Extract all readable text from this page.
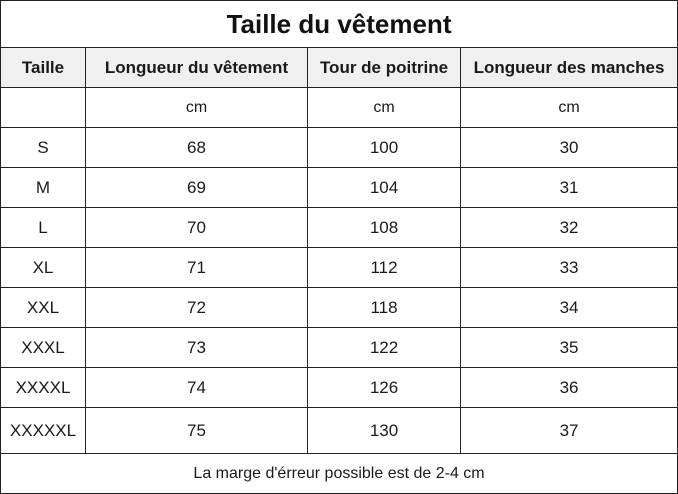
Taille du vêtement			
Taille	Longueur du vêtement	Tour de poitrine	Longueur des manches
	cm	cm	cm
S	68	100	30
M	69	104	31
L	70	108	32
XL	71	112	33
XXL	72	118	34
XXXL	73	122	35
XXXXL	74	126	36
XXXXXL	75	130	37
La marge d'érreur possible est de 2-4 cm			
